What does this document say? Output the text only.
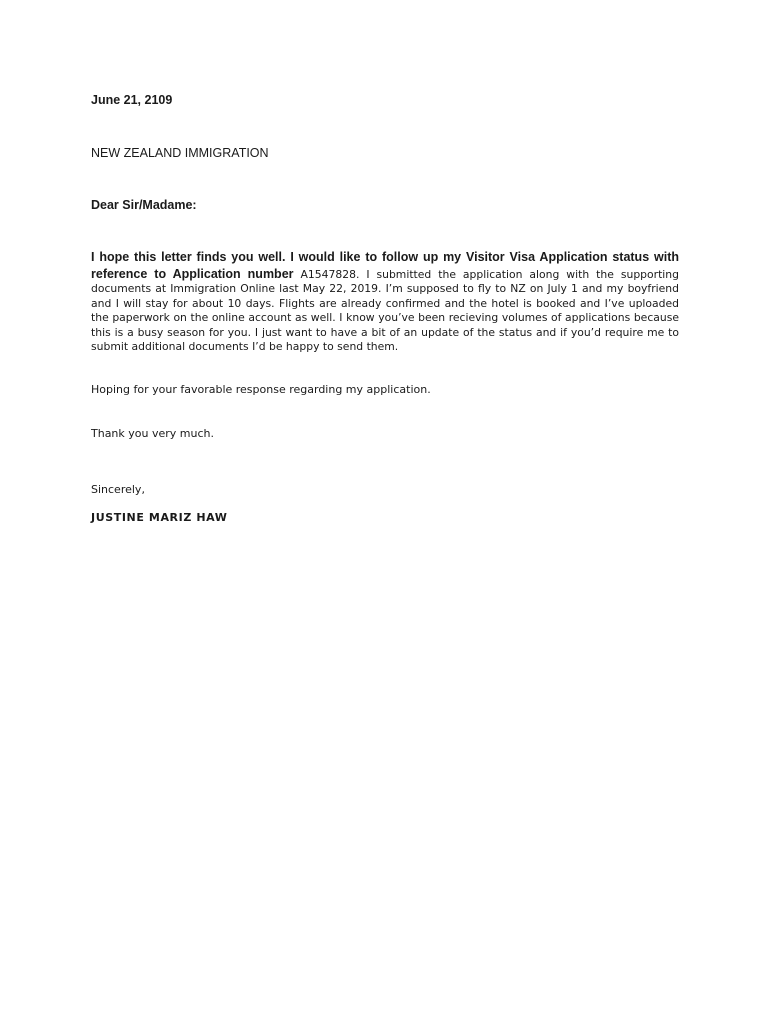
June 21, 2109
NEW ZEALAND IMMIGRATION
Dear Sir/Madame:
I hope this letter finds you well. I would like to follow up my Visitor Visa Application status with reference to Application number A1547828. I submitted the application along with the supporting documents at Immigration Online last May 22, 2019. I’m supposed to fly to NZ on July 1 and my boyfriend and I will stay for about 10 days. Flights are already confirmed and the hotel is booked and I’ve uploaded the paperwork on the online account as well. I know you’ve been recieving volumes of applications because this is a busy season for you. I just want to have a bit of an update of the status and if you’d require me to submit additional documents I’d be happy to send them.
Hoping for your favorable response regarding my application.
Thank you very much.
Sincerely,
JUSTINE MARIZ HAW
